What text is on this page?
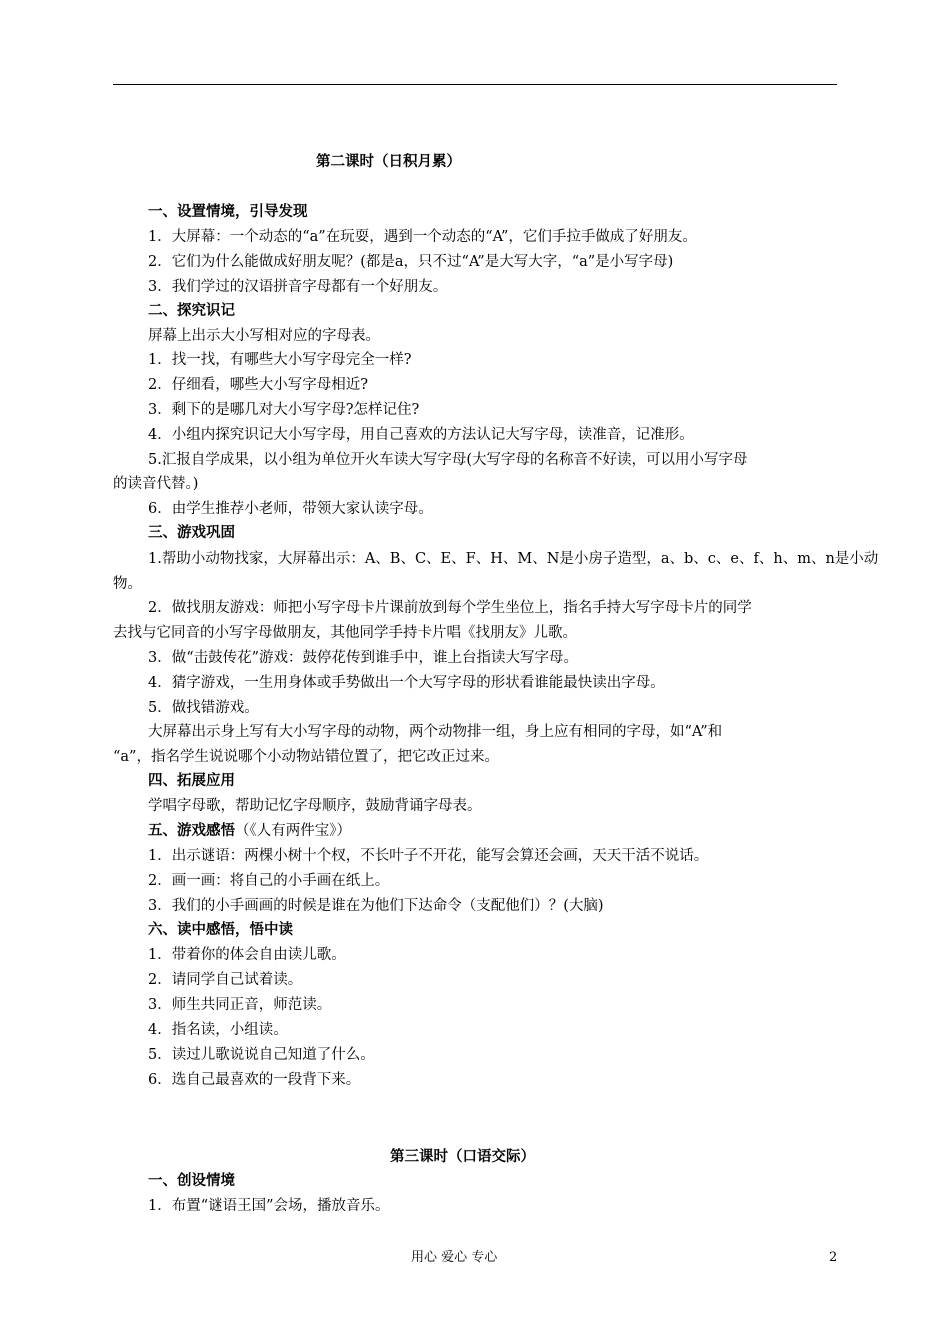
第二课时（日积月累）
一、设置情境，引导发现
1．大屏幕：一个动态的“a”在玩耍，遇到一个动态的“A”，它们手拉手做成了好朋友。
2．它们为什么能做成好朋友呢？(都是a，只不过“A”是大写大字，“a”是小写字母)
3．我们学过的汉语拼音字母都有一个好朋友。
二、探究识记
屏幕上出示大小写相对应的字母表。
1．找一找，有哪些大小写字母完全一样?
2．仔细看，哪些大小写字母相近?
3．剩下的是哪几对大小写字母?怎样记住?
4．小组内探究识记大小写字母，用自己喜欢的方法认记大写字母，读准音，记准形。
5.汇报自学成果，以小组为单位开火车读大写字母(大写字母的名称音不好读，可以用小写字母
的读音代替。)
6．由学生推荐小老师，带领大家认读字母。
三、游戏巩固
1.帮助小动物找家，大屏幕出示：A、B、C、E、F、H、M、N是小房子造型，a、b、c、e、f、h、m、n是小动
物。
2．做找朋友游戏：师把小写字母卡片课前放到每个学生坐位上，指名手持大写字母卡片的同学
去找与它同音的小写字母做朋友，其他同学手持卡片唱《找朋友》儿歌。
3．做“击鼓传花”游戏：鼓停花传到谁手中，谁上台指读大写字母。
4．猜字游戏，一生用身体或手势做出一个大写字母的形状看谁能最快读出字母。
5．做找错游戏。
大屏幕出示身上写有大小写字母的动物，两个动物排一组，身上应有相同的字母，如“A”和
“a”，指名学生说说哪个小动物站错位置了，把它改正过来。
四、拓展应用
学唱字母歌，帮助记忆字母顺序，鼓励背诵字母表。
五、游戏感悟（《人有两件宝》）
1．出示谜语：两棵小树十个杈，不长叶子不开花，能写会算还会画，天天干活不说话。
2．画一画：将自己的小手画在纸上。
3．我们的小手画画的时候是谁在为他们下达命令（支配他们）？(大脑)
六、读中感悟，悟中读
1．带着你的体会自由读儿歌。
2．请同学自己试着读。
3．师生共同正音，师范读。
4．指名读，小组读。
5．读过儿歌说说自己知道了什么。
6．选自己最喜欢的一段背下来。
第三课时（口语交际）
一、创设情境
1．布置“谜语王国”会场，播放音乐。
用心 爱心 专心	2
